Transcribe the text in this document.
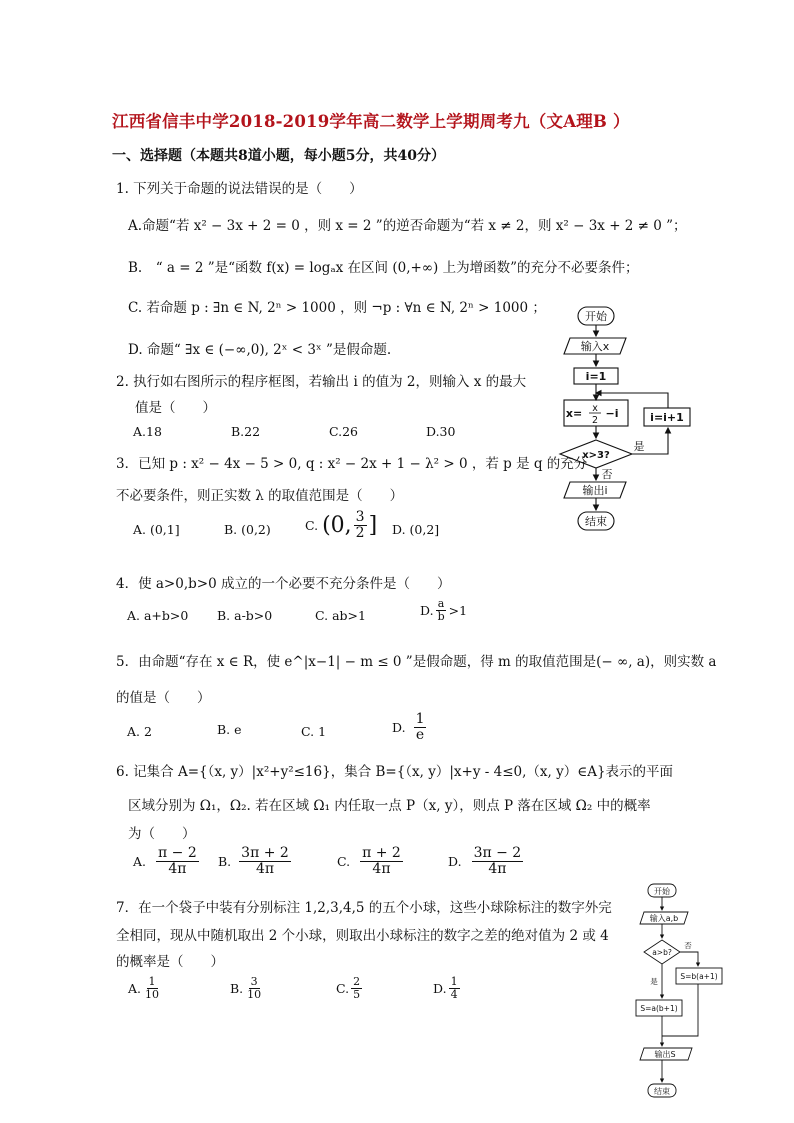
江西省信丰中学2018-2019学年高二数学上学期周考九（文A理B ）
一、选择题（本题共8道小题，每小题5分，共40分）
1. 下列关于命题的说法错误的是（　　）
A.命题“若 x² − 3x + 2 = 0 ，则 x = 2 ”的逆否命题为“若 x ≠ 2，则 x² − 3x + 2 ≠ 0 ”；
B.　“ a = 2 ”是“函数 f(x) = logₐx 在区间 (0,+∞) 上为增函数”的充分不必要条件；
C. 若命题 p : ∃n ∈ N, 2ⁿ > 1000 ，则 ¬p : ∀n ∈ N, 2ⁿ > 1000 ；
D. 命题“ ∃x ∈ (−∞,0), 2ˣ < 3ˣ ”是假命题.
2. 执行如右图所示的程序框图，若输出 i 的值为 2，则输入 x 的最大
值是（　　）
A.18	B.22	C.26	D.30
3．已知 p : x² − 4x − 5 > 0, q : x² − 2x + 1 − λ² > 0 ，若 p 是 q 的充分
不必要条件，则正实数 λ 的取值范围是（　　）
A. (0,1]	B. (0,2)	C. (0, $\frac{3}{2}$ ] D. (0,2]
4．使 a>0,b>0 成立的一个必要不充分条件是（　　）
A. a+b>0 B. a-b>0	C. ab>1	D. $\frac{a}{b} >1$
5．由命题“存在 x ∈ R，使 e^|x−1| − m ≤ 0 ”是假命题，得 m 的取值范围是(− ∞, a)，则实数 a
的值是（　　）
A. 2	B. e	C. 1	D. $\frac{1}{e}$
6. 记集合 A={（x, y）|x²+y²≤16}，集合 B={（x, y）|x+y - 4≤0,（x, y）∈A}表示的平面
区域分别为 Ω₁，Ω₂. 若在区域 Ω₁ 内任取一点 P（x, y），则点 P 落在区域 Ω₂ 中的概率
为（　　）
A. $\frac{\pi - 2}{4\pi} B$. $\frac{3\pi + 2}{4\pi}$	C. $\frac{\pi + 2}{4\pi}$	D. $\frac{3\pi - 2}{4\pi}$
7．在一个袋子中装有分别标注 1,2,3,4,5 的五个小球，这些小球除标注的数字外完
全相同，现从中随机取出 2 个小球，则取出小球标注的数字之差的绝对值为 2 或 4
的概率是（　　）
A. $\frac{1}{10}$	B. $\frac{3}{10}$	C. $\frac{2}{5}$	D. $\frac{1}{4}$
开始
输入x
i=1
x= x
2
−i	i=i+1
x>3?
是
否
输出i
结束
开始
输入a,b
a>b?
否
S=b(a+1)
是
S=a(b+1)
输出S
结束
